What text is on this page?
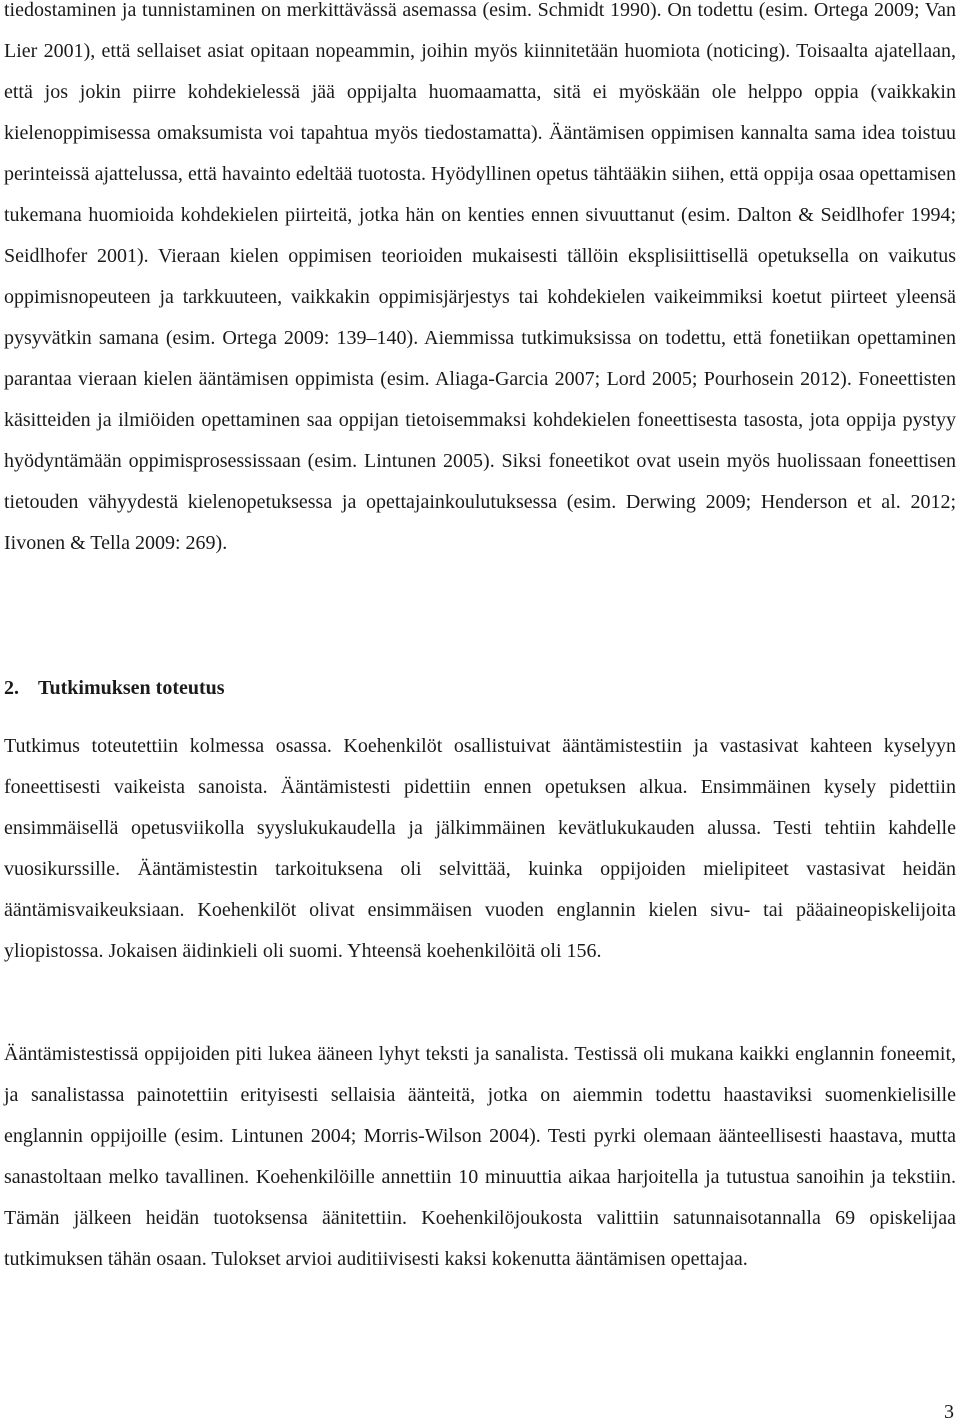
tiedostaminen ja tunnistaminen on merkittävässä asemassa (esim. Schmidt 1990). On todettu (esim. Ortega 2009; Van Lier 2001), että sellaiset asiat opitaan nopeammin, joihin myös kiinnitetään huomiota (noticing). Toisaalta ajatellaan, että jos jokin piirre kohdekielessä jää oppijalta huomaamatta, sitä ei myöskään ole helppo oppia (vaikkakin kielenoppimisessa omaksumista voi tapahtua myös tiedostamatta). Ääntämisen oppimisen kannalta sama idea toistuu perinteissä ajattelussa, että havainto edeltää tuotosta. Hyödyllinen opetus tähtääkin siihen, että oppija osaa opettamisen tukemana huomioida kohdekielen piirteitä, jotka hän on kenties ennen sivuuttanut (esim. Dalton & Seidlhofer 1994; Seidlhofer 2001). Vieraan kielen oppimisen teorioiden mukaisesti tällöin eksplisiittisellä opetuksella on vaikutus oppimisnopeuteen ja tarkkuuteen, vaikkakin oppimisjärjestys tai kohdekielen vaikeimmiksi koetut piirteet yleensä pysyvätkin samana (esim. Ortega 2009: 139–140). Aiemmissa tutkimuksissa on todettu, että fonetiikan opettaminen parantaa vieraan kielen ääntämisen oppimista (esim. Aliaga-Garcia 2007; Lord 2005; Pourhosein 2012). Foneettisten käsitteiden ja ilmiöiden opettaminen saa oppijan tietoisemmaksi kohdekielen foneettisesta tasosta, jota oppija pystyy hyödyntämään oppimisprosessissaan (esim. Lintunen 2005). Siksi foneetikot ovat usein myös huolissaan foneettisen tietouden vähyydestä kielenopetuksessa ja opettajainkoulutuksessa (esim. Derwing 2009; Henderson et al. 2012; Iivonen & Tella 2009: 269).

2. Tutkimuksen toteutus

Tutkimus toteutettiin kolmessa osassa. Koehenkilöt osallistuivat ääntämistestiin ja vastasivat kahteen kyselyyn foneettisesti vaikeista sanoista. Ääntämistesti pidettiin ennen opetuksen alkua. Ensimmäinen kysely pidettiin ensimmäisellä opetusviikolla syyslukukaudella ja jälkimmäinen kevätlukukauden alussa. Testi tehtiin kahdelle vuosikurssille. Ääntämistestin tarkoituksena oli selvittää, kuinka oppijoiden mielipiteet vastasivat heidän ääntämisvaikeuksiaan. Koehenkilöt olivat ensimmäisen vuoden englannin kielen sivu- tai pääaineopiskelijoita yliopistossa. Jokaisen äidinkieli oli suomi. Yhteensä koehenkilöitä oli 156.

Ääntämistestissä oppijoiden piti lukea ääneen lyhyt teksti ja sanalista. Testissä oli mukana kaikki englannin foneemit, ja sanalistassa painotettiin erityisesti sellaisia äänteitä, jotka on aiemmin todettu haastaviksi suomenkielisille englannin oppijoille (esim. Lintunen 2004; Morris-Wilson 2004). Testi pyrki olemaan äänteellisesti haastava, mutta sanastoltaan melko tavallinen. Koehenkilöille annettiin 10 minuuttia aikaa harjoitella ja tutustua sanoihin ja tekstiin. Tämän jälkeen heidän tuotoksensa äänitettiin. Koehenkilöjoukosta valittiin satunnaisotannalla 69 opiskelijaa tutkimuksen tähän osaan. Tulokset arvioi auditiivisesti kaksi kokenutta ääntämisen opettajaa.

3
